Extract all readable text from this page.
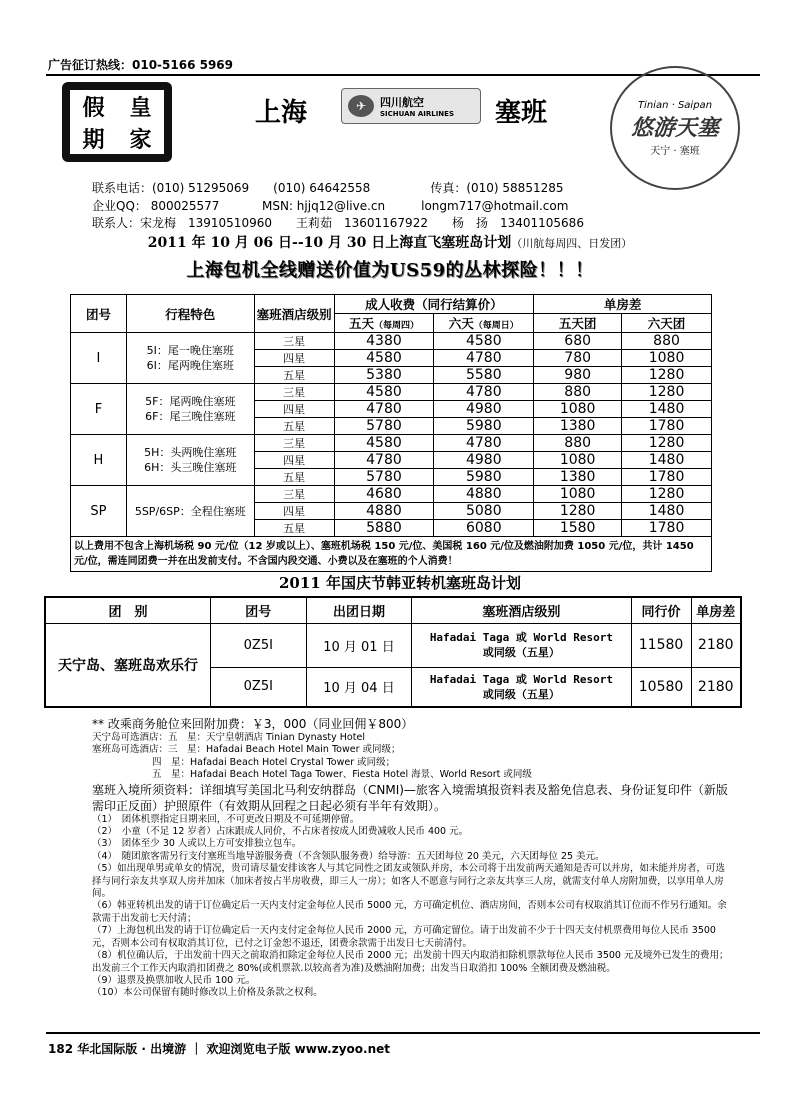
广告征订热线：010-5166 5969
假 皇
期 家
上海	✈	四川航空
SICHUAN AIRLINES 塞班	Tinian · Saipan
悠游天塞
天宁 · 塞班
联系电话：(010) 51295069　　(010) 64642558	传真：(010) 58851285
企业QQ： 800025577	MSN: hjjq12@live.cn　　　longm717@hotmail.com
联系人：宋龙梅　13910510960　　王莉茹　13601167922　　杨　扬　13401105686
2011 年 10 月 06 日--10 月 30 日上海直飞塞班岛计划（川航每周四、日发团）
上海包机全线赠送价值为US59的丛林探险！！！
团号	行程特色	塞班酒店级别	成人收费（同行结算价）		单房差	
			五天（每周四）	六天（每周日）	五天团	六天团
I	5I：尾一晚住塞班
6I：尾两晚住塞班	三星	4380	4580	680	880
		四星	4580	4780	780	1080
		五星	5380	5580	980	1280
F	5F：尾两晚住塞班
6F：尾三晚住塞班	三星	4580	4780	880	1280
		四星	4780	4980	1080	1480
		五星	5780	5980	1380	1780
H	5H：头两晚住塞班
6H：头三晚住塞班	三星	4580	4780	880	1280
		四星	4780	4980	1080	1480
		五星	5780	5980	1380	1780
SP	5SP/6SP：全程住塞班	三星	4680	4880	1080	1280
		四星	4880	5080	1280	1480
		五星	5880	6080	1580	1780
以上费用不包含上海机场税 90 元/位（12 岁或以上）、塞班机场税 150 元/位、美国税 160 元/位及燃油附加费 1050 元/位，共计 1450 元/位，需连同团费一并在出发前支付。不含国内段交通、小费以及在塞班的个人消费！						
2011 年国庆节韩亚转机塞班岛计划
团　别	团号	出团日期	塞班酒店级别	同行价	单房差
天宁岛、塞班岛欢乐行	0Z5I	10 月 01 日	Hafadai Taga 或 World Resort
或同级（五星）	11580	2180
	0Z5I	10 月 04 日	Hafadai Taga 或 World Resort
或同级（五星）	10580	2180
** 改乘商务舱位来回附加费：￥3，000（同业回佣￥800）
天宁岛可选酒店：五　星：天宁皇朝酒店 Tinian Dynasty Hotel
塞班岛可选酒店：三　星：Hafadai Beach Hotel Main Tower 或同级；
四　星：Hafadai Beach Hotel Crystal Tower 或同级；
五　星：Hafadai Beach Hotel Taga Tower、Fiesta Hotel 海景、World Resort 或同级
塞班入境所须资料：详细填写美国北马利安纳群岛（CNMI)—旅客入境需填报资料表及豁免信息表、身份证复印件（新版需印正反面）护照原件（有效期从回程之日起必须有半年有效期）。
（1）　团体机票指定日期来回，不可更改日期及不可延期停留。
（2）　小童（不足 12 岁者）占床跟成人同价，不占床者按成人团费减收人民币 400 元。
（3）　团体至少 30 人或以上方可安排独立包车。
（4）　随团旅客需另行支付塞班当地导游服务费（不含领队服务费）给导游：五天团每位 20 美元，六天团每位 25 美元。
（5）如出现单男或单女的情况，贵司请尽量安排该客人与其它同性之团友或领队并房，本公司将于出发前两天通知是否可以并房，如未能并房者，可选择与同行亲友共享双人房并加床（加床者按占半房收费，即三人一房）；如客人不愿意与同行之亲友共享三人房，就需支付单人房附加费，以享用单人房间。
（6）韩亚转机出发的请于订位确定后一天内支付定金每位人民币 5000 元，方可确定机位、酒店房间，否则本公司有权取消其订位而不作另行通知。余款需于出发前七天付清；
（7）上海包机出发的请于订位确定后一天内支付定金每位人民币 2000 元，方可确定留位。请于出发前不少于十四天支付机票费用每位人民币 3500 元，否则本公司有权取消其订位，已付之订金恕不退还，团费余款需于出发日七天前清付。
（8）机位确认后，于出发前十四天之前取消扣除定金每位人民币 2000 元；出发前十四天内取消扣除机票款每位人民币 3500 元及境外已发生的费用；出发前三个工作天内取消扣团费之 80%(或机票款.以较高者为准)及燃油附加费；出发当日取消扣 100% 全额团费及燃油税。
（9）退票及换票加收人民币 100 元。
（10）本公司保留有随时修改以上价格及条款之权利。
182 华北国际版 · 出境游 ｜ 欢迎浏览电子版 www.zyoo.net
